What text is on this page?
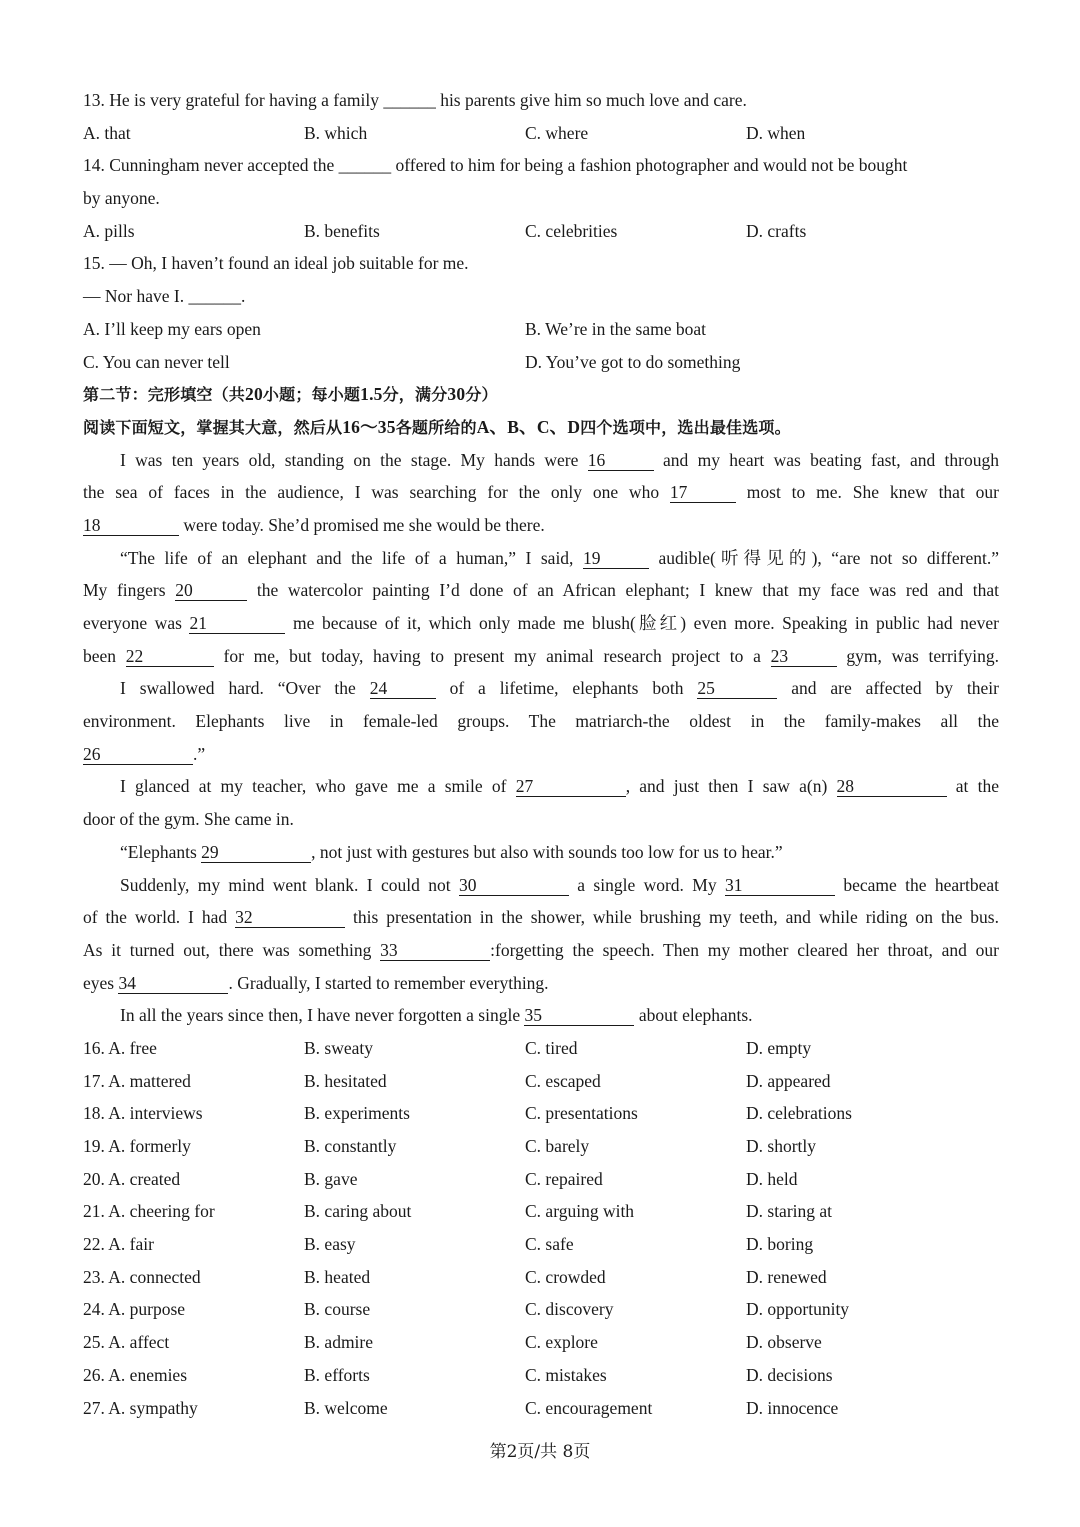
13. He is very grateful for having a family ______ his parents give him so much love and care.
A. that	B. which	C. where	D. when
14. Cunningham never accepted the ______ offered to him for being a fashion photographer and would not be bought
by anyone.
A. pills	B. benefits	C. celebrities	D. crafts
15. — Oh, I haven’t found an ideal job suitable for me.
— Nor have I. ______.
A. I’ll keep my ears open	B. We’re in the same boat
C. You can never tell	D. You’ve got to do something
第二节：完形填空（共20小题；每小题1.5分，满分30分）
阅读下面短文，掌握其大意，然后从16～35各题所给的A、B、C、D四个选项中，选出最佳选项。
I was ten years old, standing on the stage. My hands were 16	and my heart was beating fast, and through
the sea of faces in the audience, I was searching for the only one who 17	most to me. She knew that our
18	were today. She’d promised me she would be there.
“The life of an elephant and the life of a human,” I said, 19	audible(听得见的), “are not so different.”
My fingers 20	the watercolor painting I’d done of an African elephant; I knew that my face was red and that
everyone was 21	me because of it, which only made me blush(脸红) even more. Speaking in public had never
been 22	for me, but today, having to present my animal research project to a 23	gym, was terrifying.
I swallowed hard. “Over the 24	of a lifetime, elephants both 25	and are affected by their
environment. Elephants live in female-led groups. The matriarch-the oldest in the family-makes all the
26	.”
I glanced at my teacher, who gave me a smile of 27	, and just then I saw a(n) 28	at the
door of the gym. She came in.
“Elephants 29	, not just with gestures but also with sounds too low for us to hear.”
Suddenly, my mind went blank. I could not 30	a single word. My 31	became the heartbeat
of the world. I had 32	this presentation in the shower, while brushing my teeth, and while riding on the bus.
As it turned out, there was something 33	:forgetting the speech. Then my mother cleared her throat, and our
eyes 34	. Gradually, I started to remember everything.
In all the years since then, I have never forgotten a single 35	about elephants.
16. A. free	B. sweaty	C. tired	D. empty
17. A. mattered	B. hesitated	C. escaped	D. appeared
18. A. interviews	B. experiments	C. presentations	D. celebrations
19. A. formerly	B. constantly	C. barely	D. shortly
20. A. created	B. gave	C. repaired	D. held
21. A. cheering for	B. caring about	C. arguing with	D. staring at
22. A. fair	B. easy	C. safe	D. boring
23. A. connected	B. heated	C. crowded	D. renewed
24. A. purpose	B. course	C. discovery	D. opportunity
25. A. affect	B. admire	C. explore	D. observe
26. A. enemies	B. efforts	C. mistakes	D. decisions
27. A. sympathy	B. welcome	C. encouragement	D. innocence
第2页/共 8页
